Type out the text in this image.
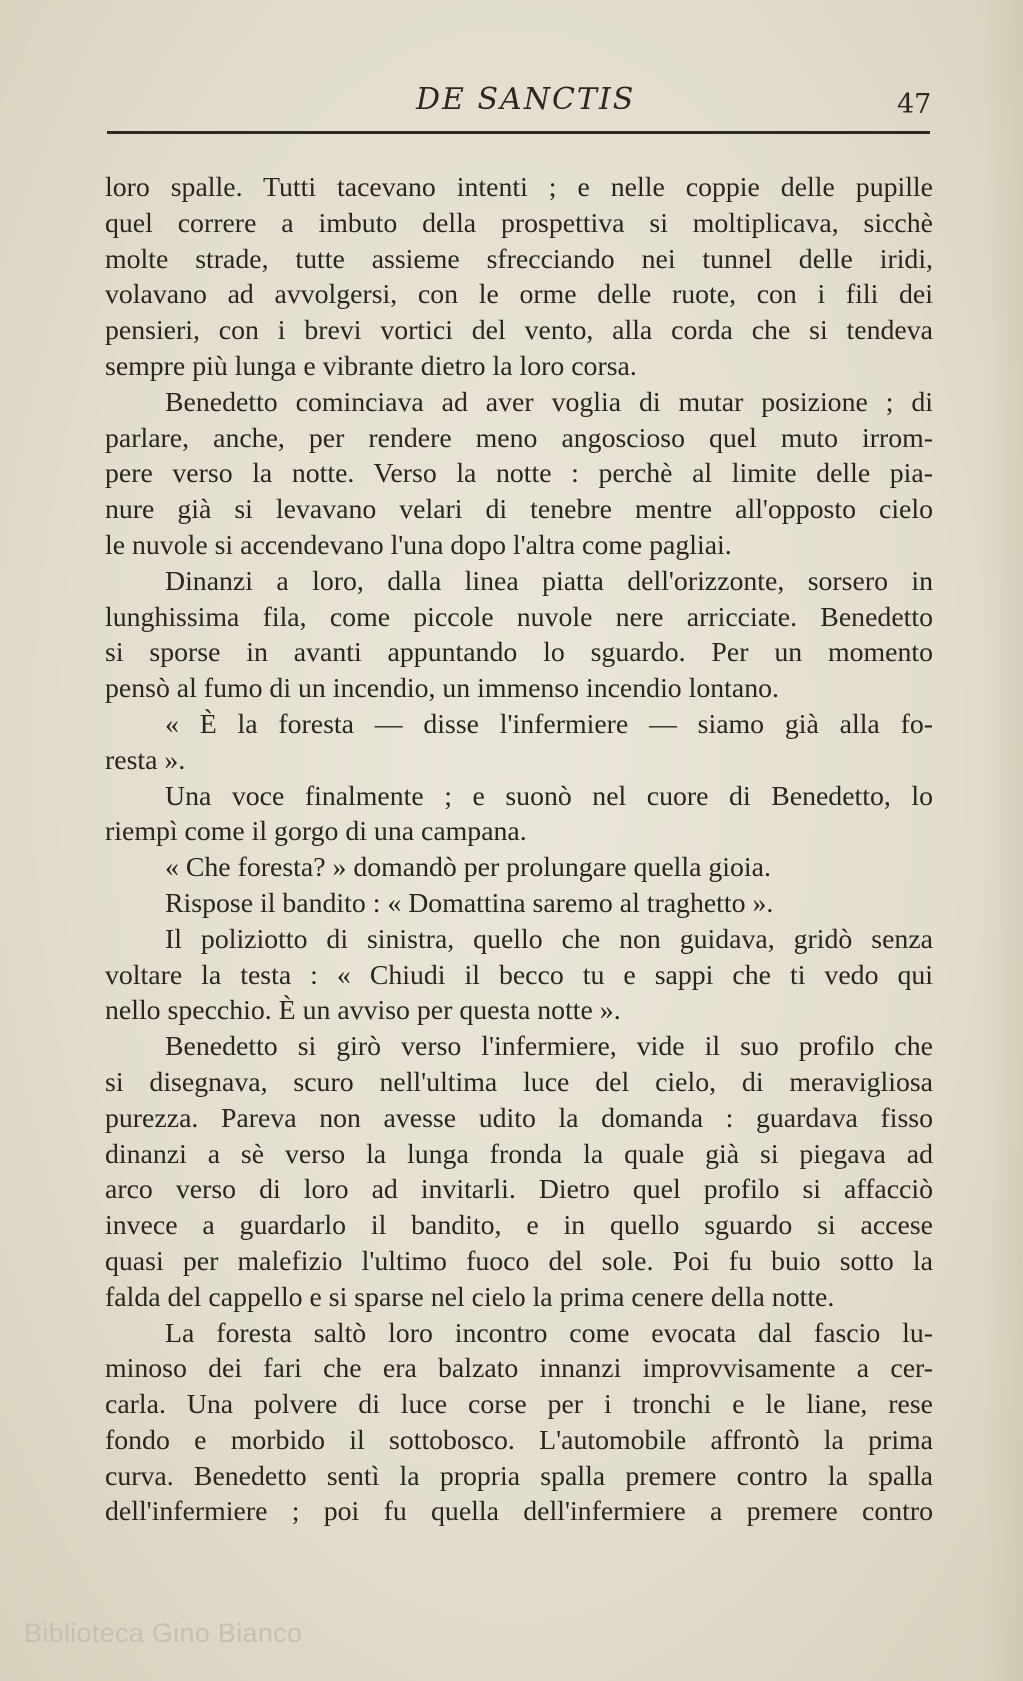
DE SANCTIS	47
loro spalle. Tutti tacevano intenti ; e nelle coppie delle pupille
quel correre a imbuto della prospettiva si moltiplicava, sicchè
molte strade, tutte assieme sfrecciando nei tunnel delle iridi,
volavano ad avvolgersi, con le orme delle ruote, con i fili dei
pensieri, con i brevi vortici del vento, alla corda che si tendeva
sempre più lunga e vibrante dietro la loro corsa.
Benedetto cominciava ad aver voglia di mutar posizione ; di
parlare, anche, per rendere meno angoscioso quel muto irrom-
pere verso la notte. Verso la notte : perchè al limite delle pia-
nure già si levavano velari di tenebre mentre all'opposto cielo
le nuvole si accendevano l'una dopo l'altra come pagliai.
Dinanzi a loro, dalla linea piatta dell'orizzonte, sorsero in
lunghissima fila, come piccole nuvole nere arricciate. Benedetto
si sporse in avanti appuntando lo sguardo. Per un momento
pensò al fumo di un incendio, un immenso incendio lontano.
« È la foresta — disse l'infermiere — siamo già alla fo-
resta ».
Una voce finalmente ; e suonò nel cuore di Benedetto, lo
riempì come il gorgo di una campana.
« Che foresta? » domandò per prolungare quella gioia.
Rispose il bandito : « Domattina saremo al traghetto ».
Il poliziotto di sinistra, quello che non guidava, gridò senza
voltare la testa : « Chiudi il becco tu e sappi che ti vedo qui
nello specchio. È un avviso per questa notte ».
Benedetto si girò verso l'infermiere, vide il suo profilo che
si disegnava, scuro nell'ultima luce del cielo, di meravigliosa
purezza. Pareva non avesse udito la domanda : guardava fisso
dinanzi a sè verso la lunga fronda la quale già si piegava ad
arco verso di loro ad invitarli. Dietro quel profilo si affacciò
invece a guardarlo il bandito, e in quello sguardo si accese
quasi per malefizio l'ultimo fuoco del sole. Poi fu buio sotto la
falda del cappello e si sparse nel cielo la prima cenere della notte.
La foresta saltò loro incontro come evocata dal fascio lu-
minoso dei fari che era balzato innanzi improvvisamente a cer-
carla. Una polvere di luce corse per i tronchi e le liane, rese
fondo e morbido il sottobosco. L'automobile affrontò la prima
curva. Benedetto sentì la propria spalla premere contro la spalla
dell'infermiere ; poi fu quella dell'infermiere a premere contro
Biblioteca Gino Bianco
